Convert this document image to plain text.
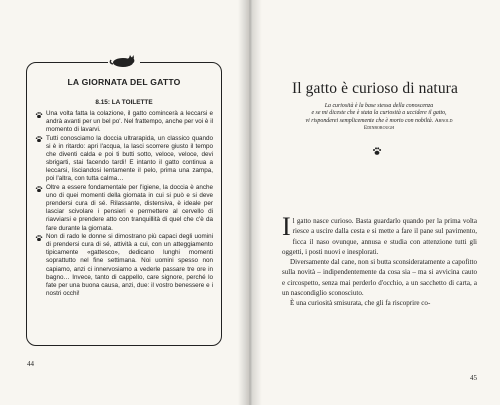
LA GIORNATA DEL GATTO
8.15: LA TOILETTE
Una volta fatta la colazione, il gatto comincerà a leccarsi e andrà avanti per un bel po'. Nel frattempo, anche per voi è il momento di lavarvi.
Tutti conosciamo la doccia ultrarapida, un classico quando si è in ritardo: apri l'acqua, la lasci scorrere giusto il tempo che diventi calda e poi ti butti sotto, veloce, veloce, devi sbrigarti, stai facendo tardi! E intanto il gatto continua a leccarsi, lisciandosi lentamente il pelo, prima una zampa, poi l'altra, con tutta calma…
Oltre a essere fondamentale per l'igiene, la doccia è anche uno di quei momenti della giornata in cui si può e si deve prendersi cura di sé. Rilassante, distensiva, è ideale per lasciar scivolare i pensieri e permettere al cervello di riavviarsi e prendere atto con tranquillità di quel che c'è da fare durante la giornata.
Non di rado le donne si dimostrano più capaci degli uomini di prendersi cura di sé, attività a cui, con un atteggiamento tipicamente «gattesco», dedicano lunghi momenti soprattutto nel fine settimana. Noi uomini spesso non capiamo, anzi ci innervosiamo a vederle passare tre ore in bagno… Invece, tanto di cappello, care signore, perché lo fate per una buona causa, anzi, due: il vostro benessere e i nostri occhi!
44
Il gatto è curioso di natura
La curiosità è la base stessa della conoscenza
e se mi diceste che è stata la curiosità a uccidere il gatto,
vi risponderei semplicemente che è morto con nobiltà. Arnold Edinborough

Il gatto nasce curioso. Basta guardarlo quando per la prima volta riesce a uscire dalla cesta e si mette a fare il pane sul pavimento, ficca il naso ovunque, annusa e studia con attenzione tutti gli oggetti, i posti nuovi e inesplorati.

Diversamente dal cane, non si butta sconsideratamente a capofitto sulla novità – indipendentemente da cosa sia – ma si avvicina cauto e circospetto, senza mai perderlo d'occhio, a un sacchetto di carta, a un nascondiglio sconosciuto.

È una curiosità smisurata, che gli fa riscoprire co-

45
